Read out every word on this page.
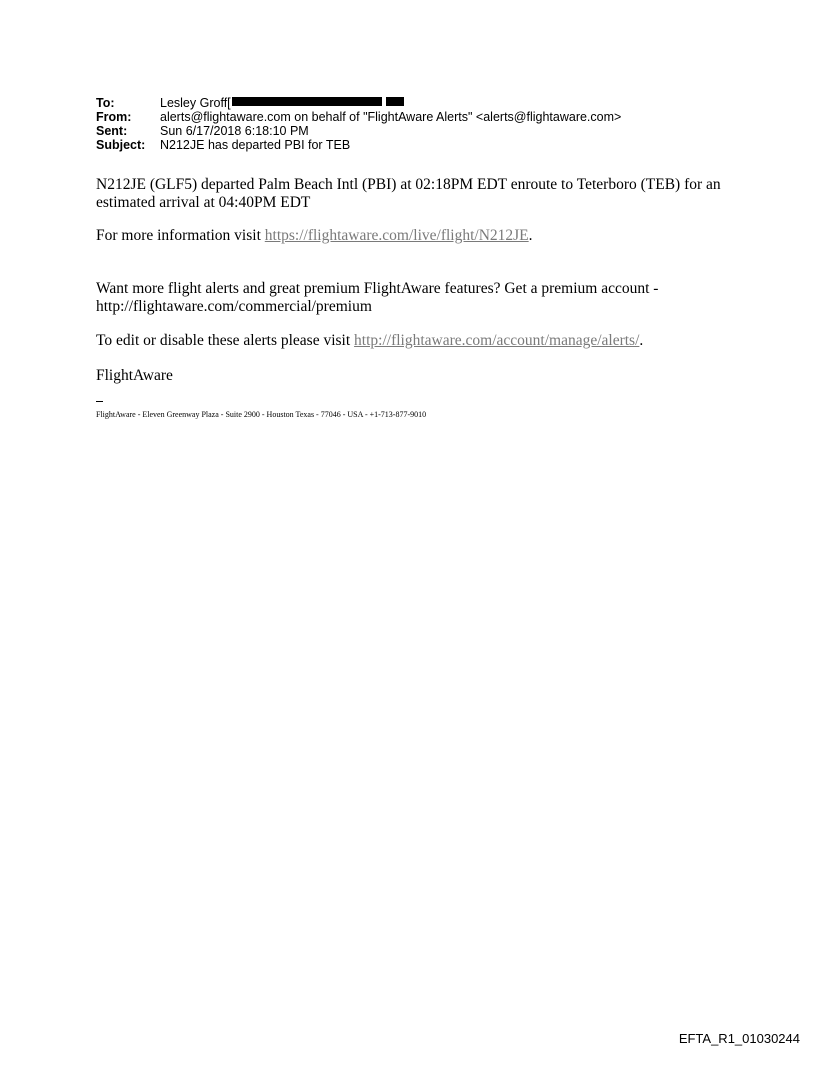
To:	Lesley Groff[
From:	alerts@flightaware.com on behalf of "FlightAware Alerts" <alerts@flightaware.com>
Sent:	Sun 6/17/2018 6:18:10 PM
Subject:	N212JE has departed PBI for TEB
N212JE (GLF5) departed Palm Beach Intl (PBI) at 02:18PM EDT enroute to Teterboro (TEB) for an estimated arrival at 04:40PM EDT
For more information visit https://flightaware.com/live/flight/N212JE.
Want more flight alerts and great premium FlightAware features? Get a premium account - http://flightaware.com/commercial/premium
To edit or disable these alerts please visit http://flightaware.com/account/manage/alerts/.
FlightAware
FlightAware - Eleven Greenway Plaza - Suite 2900 - Houston Texas - 77046 - USA - +1-713-877-9010
EFTA_R1_01030244
